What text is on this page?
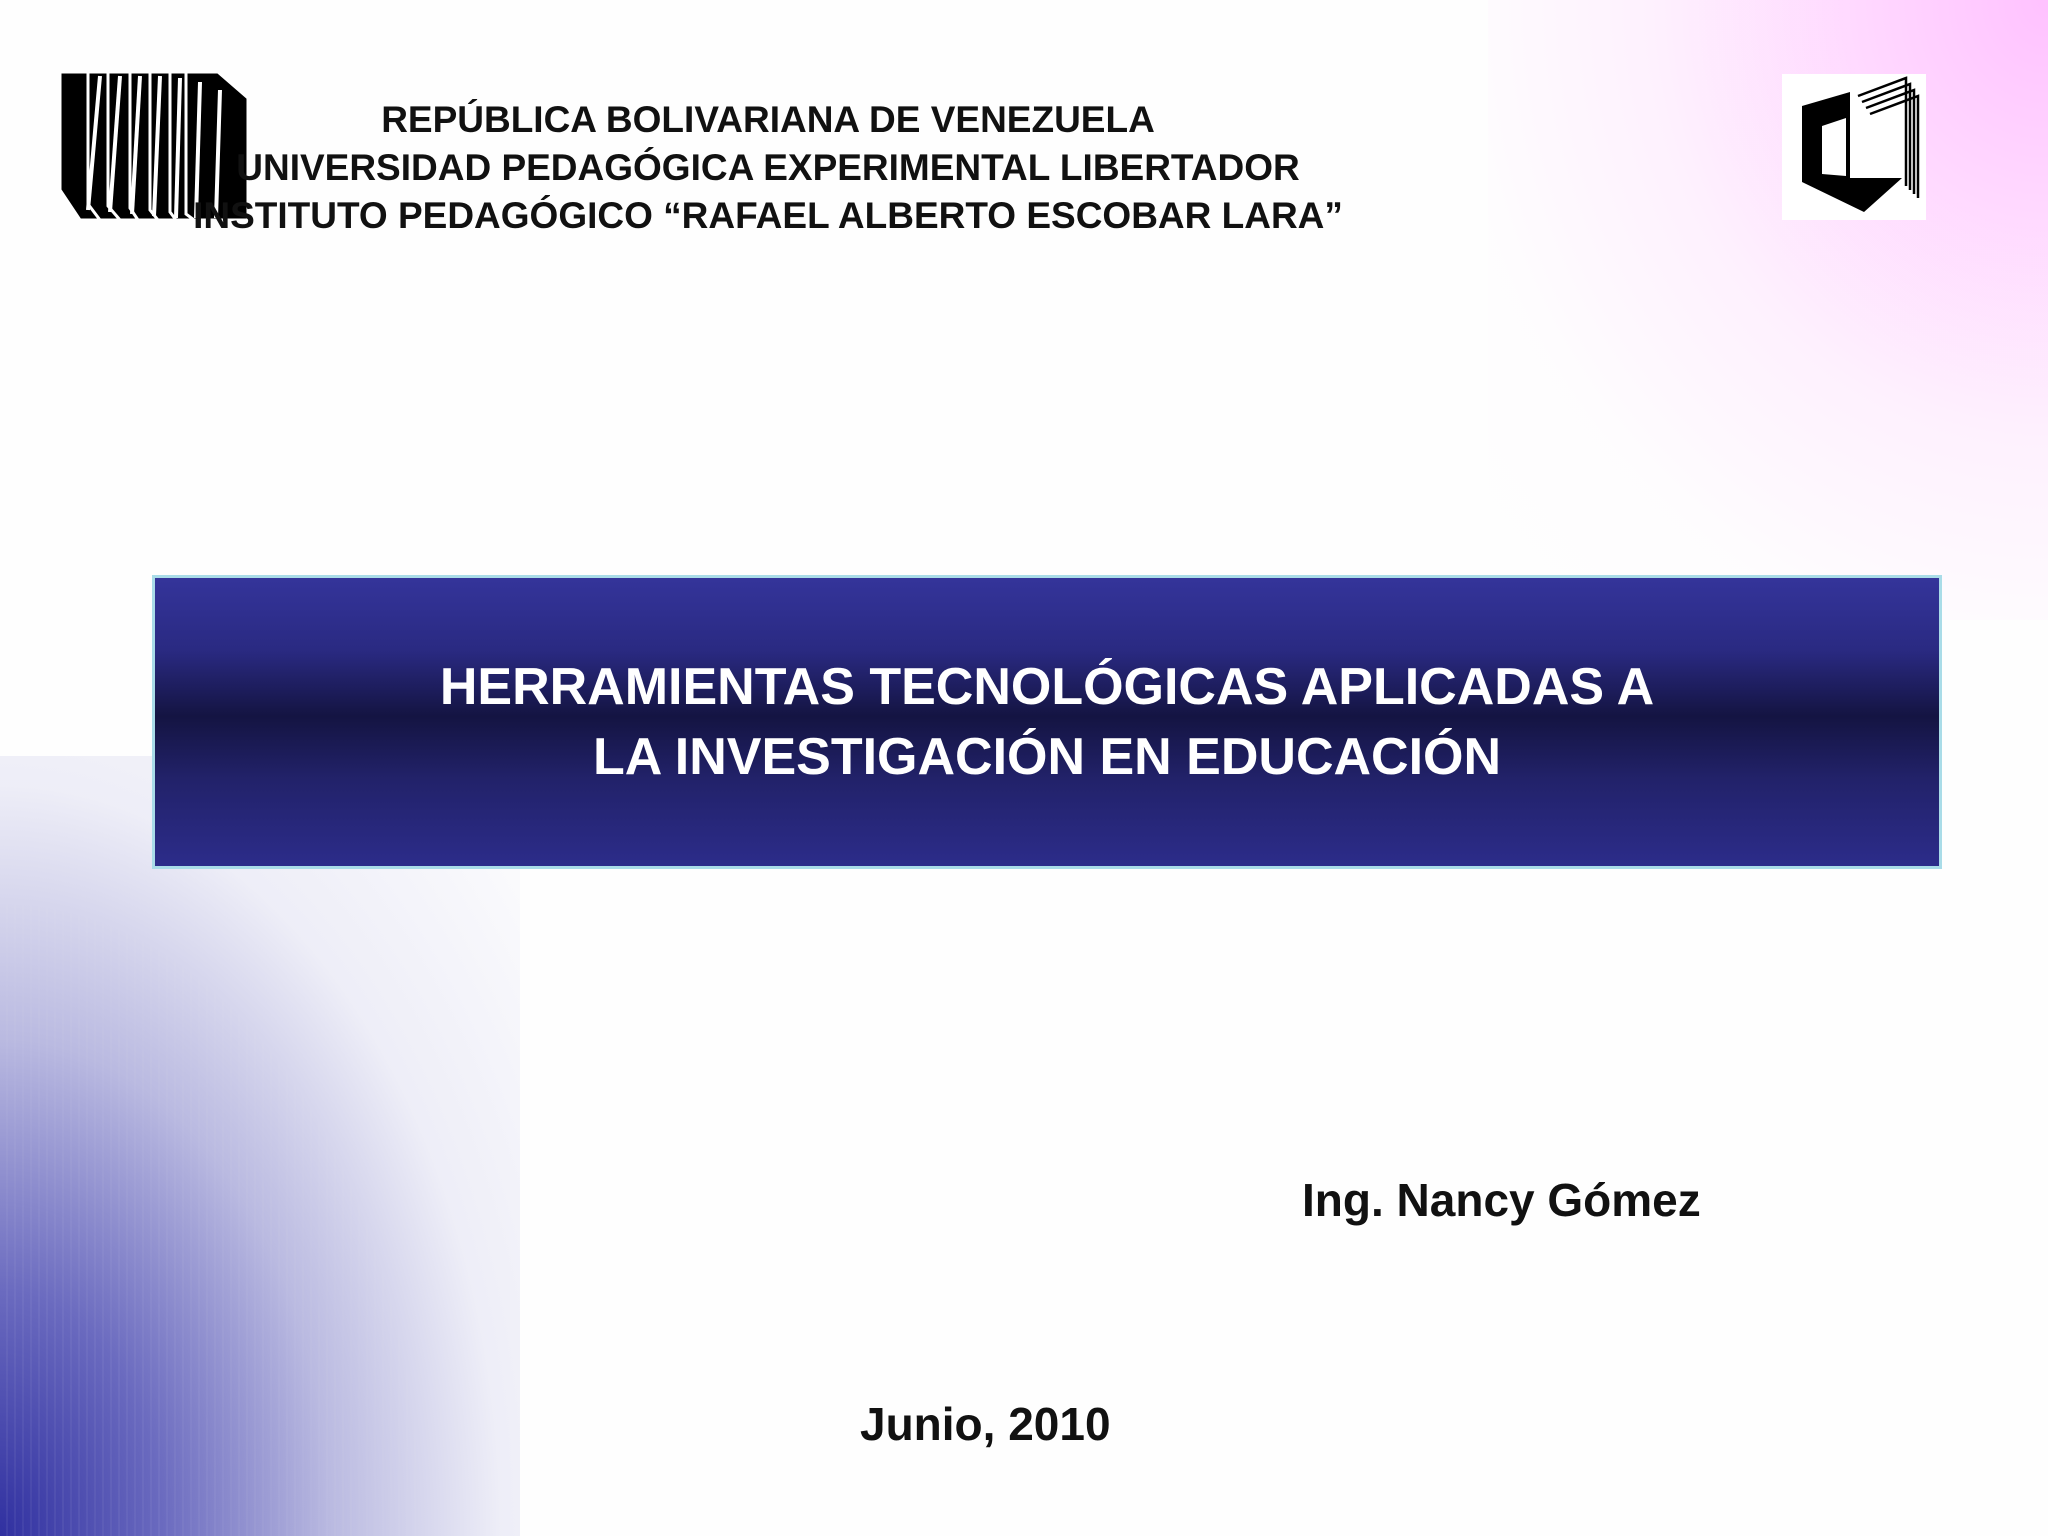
REPÚBLICA BOLIVARIANA DE VENEZUELA
UNIVERSIDAD PEDAGÓGICA EXPERIMENTAL LIBERTADOR
INSTITUTO PEDAGÓGICO “RAFAEL ALBERTO ESCOBAR LARA”
HERRAMIENTAS TECNOLÓGICAS APLICADAS A
LA INVESTIGACIÓN EN EDUCACIÓN
Ing. Nancy Gómez
Junio, 2010
